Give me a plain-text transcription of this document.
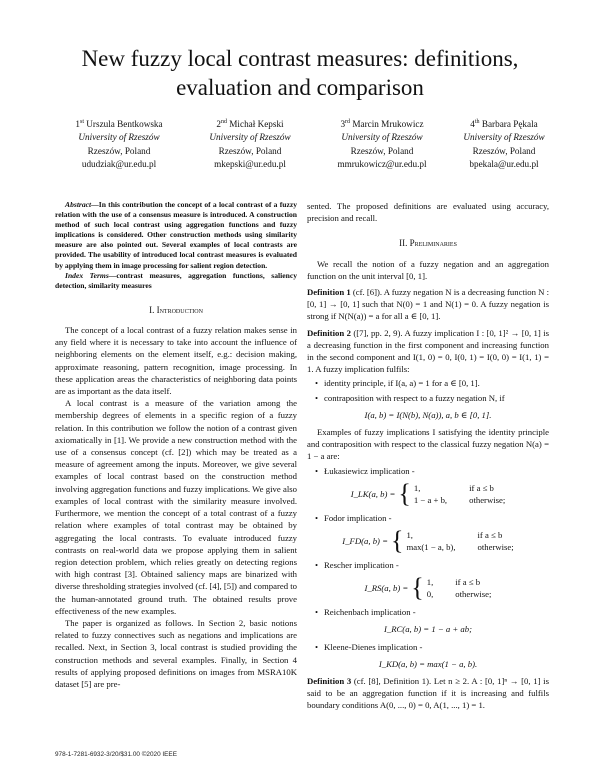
New fuzzy local contrast measures: definitions, evaluation and comparison
1st Urszula Bentkowska
University of Rzeszów
Rzeszów, Poland
ududziak@ur.edu.pl
2nd Michał Kepski
University of Rzeszów
Rzeszów, Poland
mkepski@ur.edu.pl
3rd Marcin Mrukowicz
University of Rzeszów
Rzeszów, Poland
mmrukowicz@ur.edu.pl
4th Barbara Pękala
University of Rzeszów
Rzeszów, Poland
bpekala@ur.edu.pl

Abstract—In this contribution the concept of a local contrast of a fuzzy relation with the use of a consensus measure is introduced. A construction method of such local contrast using aggregation functions and fuzzy implications is considered. Other construction methods using similarity measure are also pointed out. Several examples of local contrasts are provided. The usability of introduced local contrast measures is evaluated by applying them in image processing for salient region detection.

Index Terms—contrast measures, aggregation functions, saliency detection, similarity measures

I. Introduction

The concept of a local contrast of a fuzzy relation makes sense in any field where it is necessary to take into account the influence of neighboring elements on the element itself, e.g.: decision making, approximate reasoning, pattern recognition, image processing. In these application areas the characteristics of neighboring data points are as important as the data itself.

A local contrast is a measure of the variation among the membership degrees of elements in a specific region of a fuzzy relation. In this contribution we follow the notion of a contrast given axiomatically in [1]. We provide a new construction method with the use of a consensus concept (cf. [2]) which may be treated as a measure of agreement among the inputs. Moreover, we give several examples of local contrast based on the construction method involving aggregation functions and fuzzy implications. We give also examples of local contrast with the similarity measure involved. Furthermore, we mention the concept of a total contrast of a fuzzy relation where examples of total contrast may be obtained by aggregating the local contrasts. To evaluate introduced fuzzy contrasts on real-world data we propose applying them in salient region detection problem, which relies greatly on detecting regions with high contrast [3]. Obtained saliency maps are binarized with diverse thresholding strategies involved (cf. [4], [5]) and compared to the human-annotated ground truth. The obtained results prove effectiveness of the new examples.

The paper is organized as follows. In Section 2, basic notions related to fuzzy connectives such as negations and implications are recalled. Next, in Section 3, local contrast is studied providing the construction methods and several examples. Finally, in Section 4 results of applying proposed definitions on images from MSRA10K dataset [5] are pre-

sented. The proposed definitions are evaluated using accuracy, precision and recall.

II. Preliminaries

We recall the notion of a fuzzy negation and an aggregation function on the unit interval [0, 1].

Definition 1 (cf. [6]). A fuzzy negation N is a decreasing function N : [0, 1] → [0, 1] such that N(0) = 1 and N(1) = 0. A fuzzy negation is strong if N(N(a)) = a for all a ∈ [0, 1].

Definition 2 ([7], pp. 2, 9). A fuzzy implication I : [0, 1]² → [0, 1] is a decreasing function in the first component and increasing function in the second component and I(1, 0) = 0, I(0, 1) = I(0, 0) = I(1, 1) = 1. A fuzzy implication fulfils:

• identity principle, if I(a, a) = 1 for a ∈ [0, 1].
• contraposition with respect to a fuzzy negation N, if
I(a, b) = I(N(b), N(a)), a, b ∈ [0, 1].

Examples of fuzzy implications I satisfying the identity principle and contraposition with respect to the classical fuzzy negation N(a) = 1 − a are:

• Łukasiewicz implication -
I_LK(a, b) = { 1,	if a ≤ b
1 − a + b,	otherwise;
• Fodor implication -
I_FD(a, b) = { 1,	if a ≤ b
max(1 − a, b),	otherwise;
• Rescher implication -
I_RS(a, b) = { 1,	if a ≤ b
0,	otherwise;
• Reichenbach implication -
I_RC(a, b) = 1 − a + ab;
• Kleene-Dienes implication -
I_KD(a, b) = max(1 − a, b).

Definition 3 (cf. [8], Definition 1). Let n ≥ 2. A : [0, 1]ⁿ → [0, 1] is said to be an aggregation function if it is increasing and fulfils boundary conditions A(0, ..., 0) = 0, A(1, ..., 1) = 1.

978-1-7281-6932-3/20/$31.00 ©2020 IEEE
